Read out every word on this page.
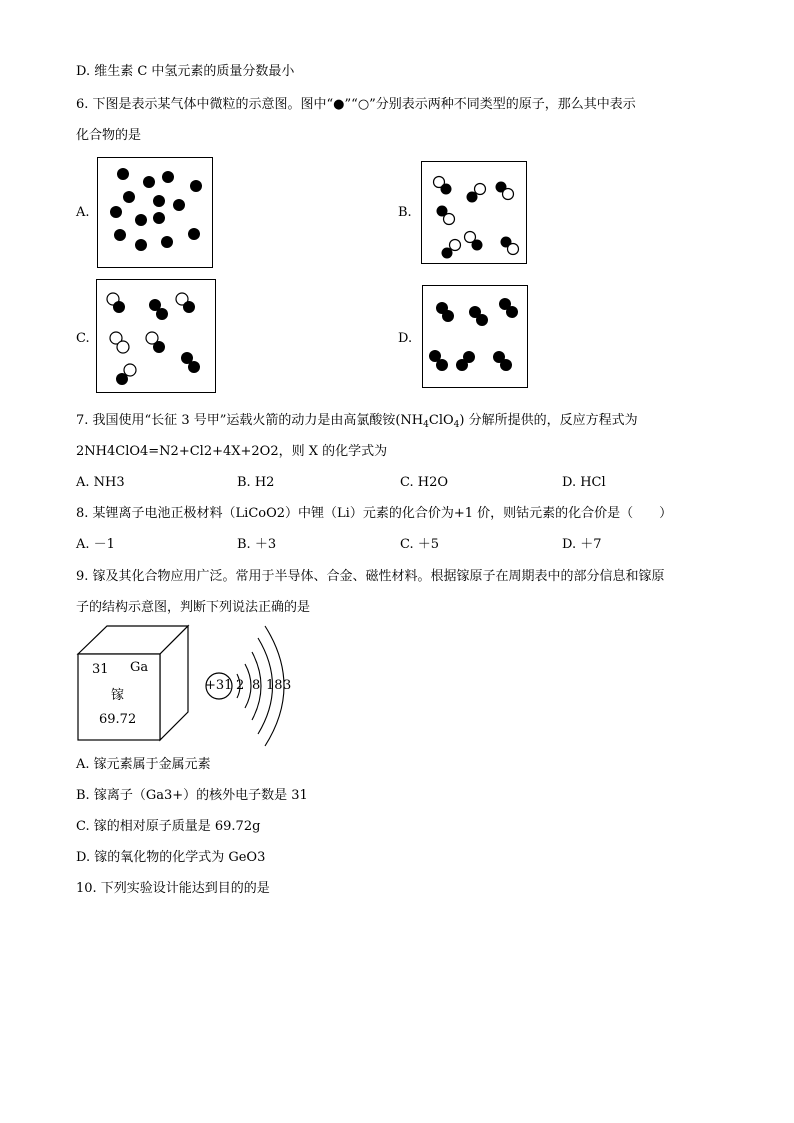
D. 维生素 C 中氢元素的质量分数最小
6. 下图是表示某气体中微粒的示意图。图中“●”“○”分别表示两种不同类型的原子，那么其中表示
化合物的是
A.	B.
C.	D.
7. 我国使用“长征 3 号甲”运载火箭的动力是由高氯酸铵$(NH_4ClO_4)$ 分解所提供的，反应方程式为
2NH4ClO4=N2+Cl2+4X+2O2，则 X 的化学式为
A. NH3	B. H2	C. H2O	D. HCl
8. 某锂离子电池正极材料（LiCoO2）中锂（Li）元素的化合价为+1 价，则钴元素的化合价是（　　）
A. －1	B. ＋3	C. ＋5	D. ＋7
9. 镓及其化合物应用广泛。常用于半导体、合金、磁性材料。根据镓原子在周期表中的部分信息和镓原
子的结构示意图，判断下列说法正确的是
31 Ga
镓
69.72
+31 2 8 18 3
A. 镓元素属于金属元素
B. 镓离子（Ga3+）的核外电子数是 31
C. 镓的相对原子质量是 69.72g
D. 镓的氧化物的化学式为 GeO3
10. 下列实验设计能达到目的的是
